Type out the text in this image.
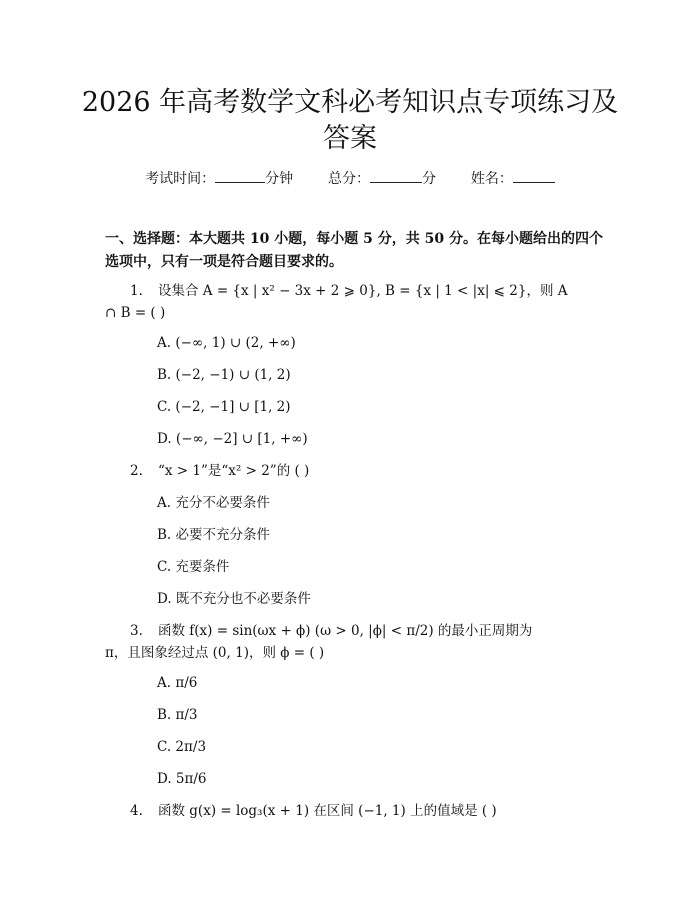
2026 年高考数学文科必考知识点专项练习及
答案
考试时间：	分钟 总分：	分 姓名：

一、选择题：本大题共 10 小题，每小题 5 分，共 50 分。在每小题给出的四个选项中，只有一项是符合题目要求的。

1. 设集合 A = {x | x² − 3x + 2 ⩾ 0}, B = {x | 1 < |x| ⩽ 2}，则 A
∩ B = ( )
A. (−∞, 1) ∪ (2, +∞)
B. (−2, −1) ∪ (1, 2)
C. (−2, −1] ∪ [1, 2)
D. (−∞, −2] ∪ [1, +∞)
2. “x > 1”是“x² > 2”的 ( )
A. 充分不必要条件
B. 必要不充分条件
C. 充要条件
D. 既不充分也不必要条件
3. 函数 f(x) = sin(ωx + ϕ) (ω > 0, |ϕ| < π/2) 的最小正周期为
π，且图象经过点 (0, 1)，则 ϕ = ( )
A. π/6
B. π/3
C. 2π/3
D. 5π/6
4. 函数 g(x) = log₃(x + 1) 在区间 (−1, 1) 上的值域是 ( )
